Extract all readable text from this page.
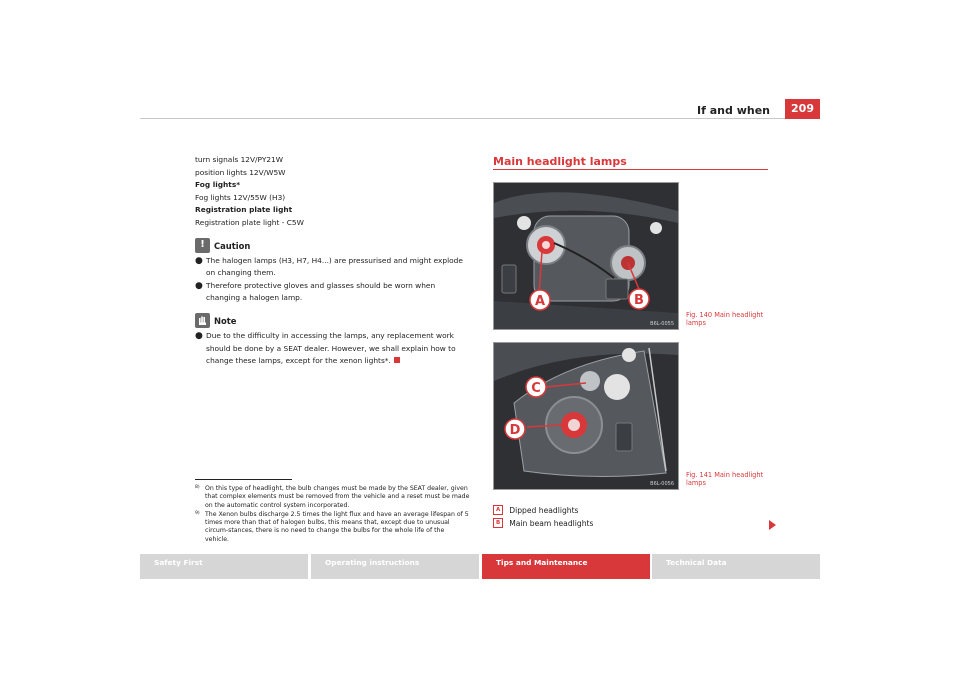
If and when	209

turn signals 12V/PY21W

position lights 12V/W5W

Fog lights*

Fog lights 12V/55W (H3)

Registration plate light

Registration plate light - C5W

!	Caution
● The halogen lamps (H3, H7, H4...) are pressurised and might explode on changing them.
● Therefore protective gloves and glasses should be worn when changing a halogen lamp.
Note
● Due to the difficulty in accessing the lamps, any replacement work should be done by a SEAT dealer. However, we shall explain how to change these lamps, except for the xenon lights*.
8) On this type of headlight, the bulb changes must be made by the SEAT dealer, given that complex elements must be removed from the vehicle and a reset must be made on the automatic control system incorporated.
9) The Xenon bulbs discharge 2.5 times the light flux and have an average lifespan of 5 times more than that of halogen bulbs, this means that, except due to unusual circum-stances, there is no need to change the bulbs for the whole life of the vehicle.
Main headlight lamps
A	B
B6L-0055
Fig. 140 Main headlight lamps
C
D
B6L-0056
Fig. 141 Main headlight lamps
A	Dipped headlights
B	Main beam headlights
Safety First	Operating instructions	Tips and Maintenance	Technical Data
